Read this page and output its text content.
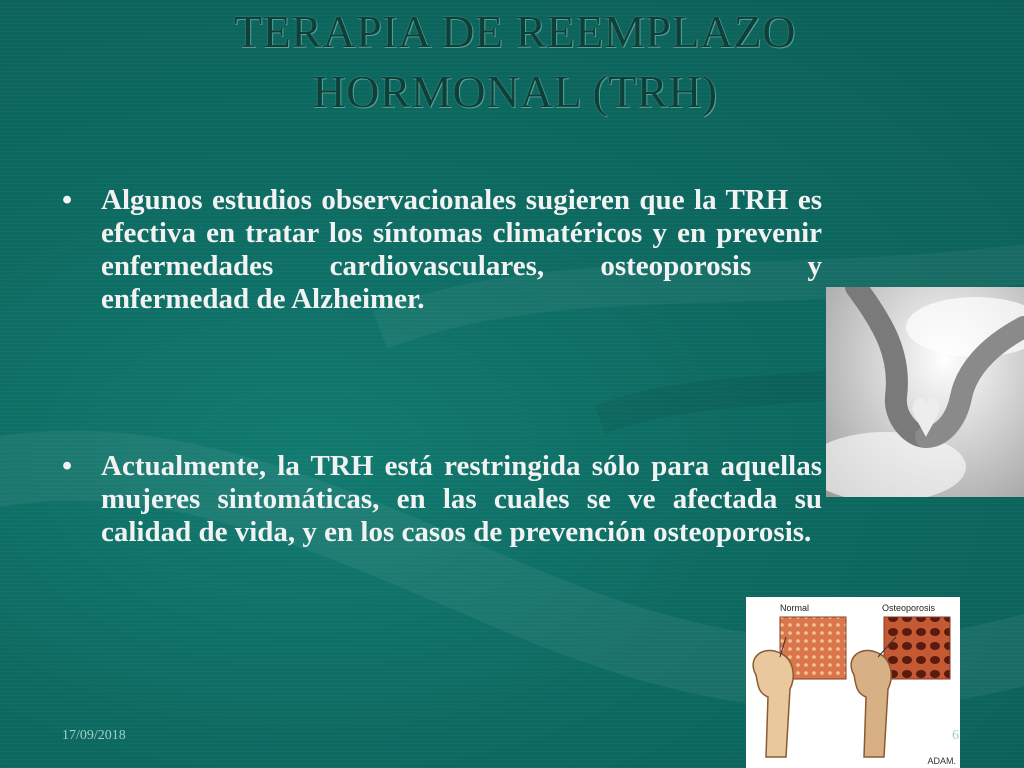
TERAPIA DE REEMPLAZO
HORMONAL (TRH)
• Algunos estudios observacionales sugieren que la TRH es efectiva en tratar los síntomas climatéricos y en prevenir enfermedades cardiovasculares, osteoporosis y enfermedad de Alzheimer.
• Actualmente, la TRH está restringida sólo para aquellas mujeres sintomáticas, en las cuales se ve afectada su calidad de vida, y en los casos de prevención osteoporosis.
Normal	Osteoporosis
ADAM.
17/09/2018	6
